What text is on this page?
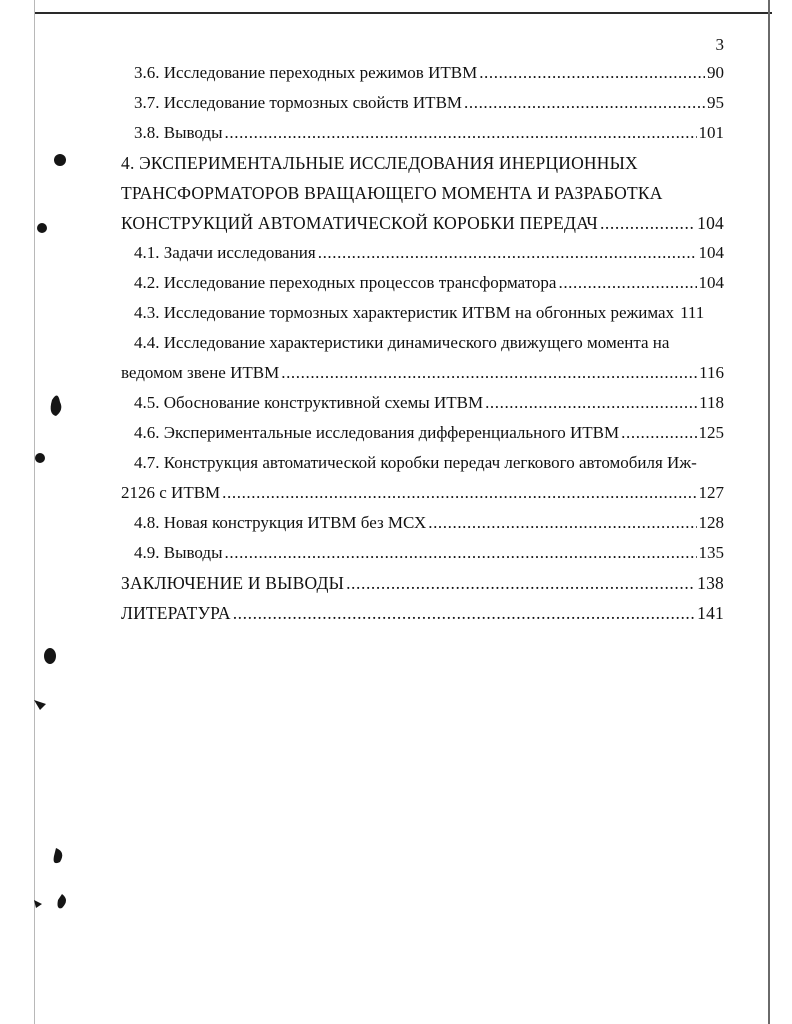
3
3.6. Исследование переходных режимов ИТВМ .....	90
3.7. Исследование тормозных свойств ИТВМ .....	95
3.8. Выводы .....	101
4. ЭКСПЕРИМЕНТАЛЬНЫЕ ИССЛЕДОВАНИЯ ИНЕРЦИОННЫХ
ТРАНСФОРМАТОРОВ ВРАЩАЮЩЕГО МОМЕНТА И РАЗРАБОТКА
КОНСТРУКЦИЙ АВТОМАТИЧЕСКОЙ КОРОБКИ ПЕРЕДАЧ .....	104
4.1. Задачи исследования .....	104
4.2. Исследование переходных процессов трансформатора .....	104
4.3. Исследование тормозных характеристик ИТВМ на обгонных режимах 111
4.4. Исследование характеристики динамического движущего момента на
ведомом звене ИТВМ .....	116
4.5. Обоснование конструктивной схемы ИТВМ .....	118
4.6. Экспериментальные исследования дифференциального ИТВМ .....	125
4.7. Конструкция автоматической коробки передач легкового автомобиля Иж-
2126 с ИТВМ .....	127
4.8. Новая конструкция ИТВМ без МСХ .....	128
4.9. Выводы .....	135
ЗАКЛЮЧЕНИЕ И ВЫВОДЫ .....	138
ЛИТЕРАТУРА .....	141
